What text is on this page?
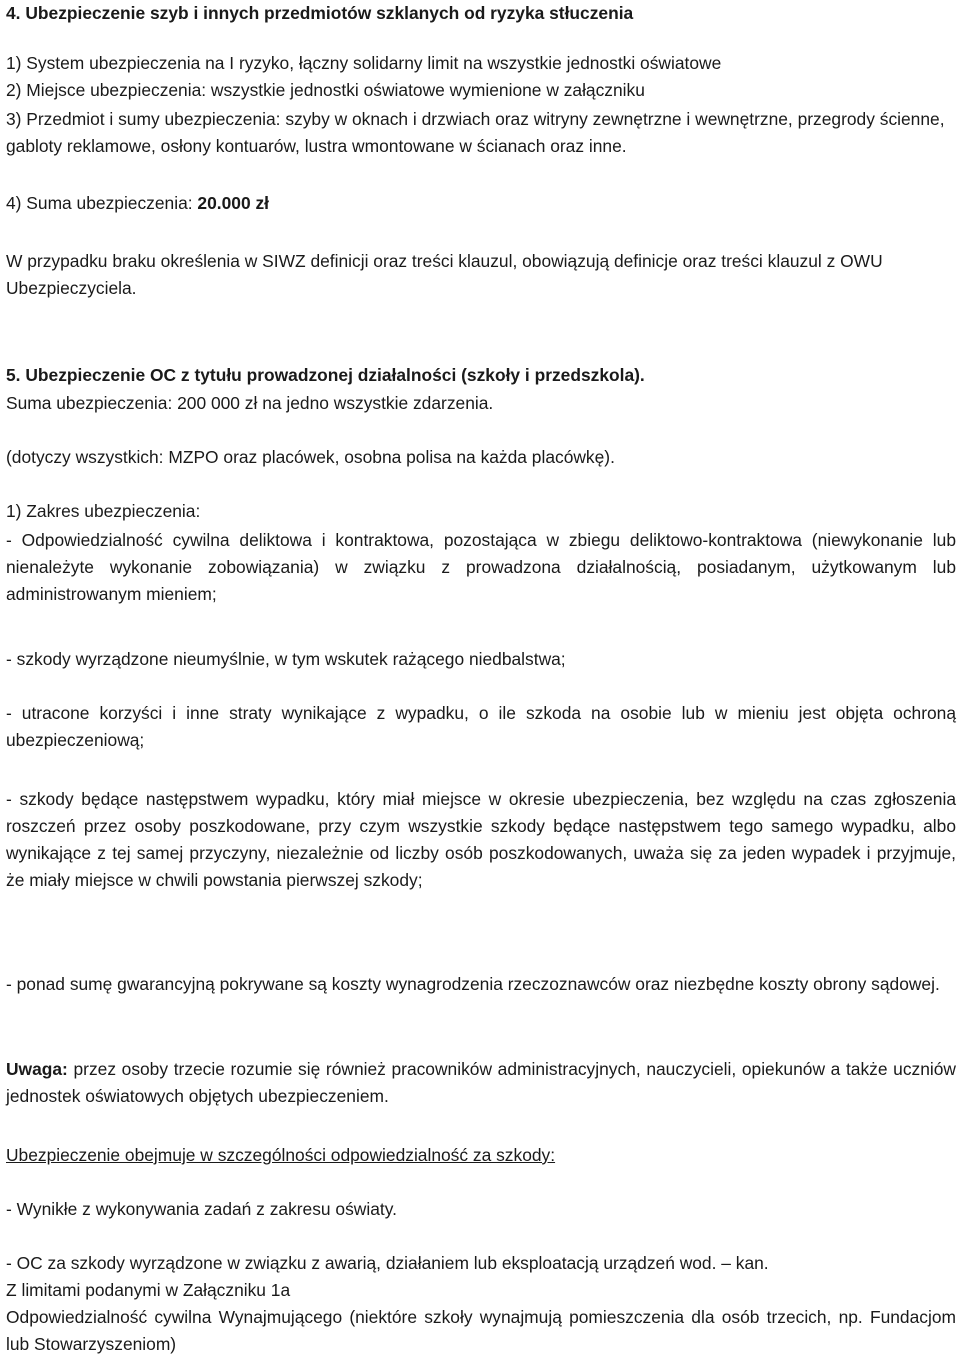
4. Ubezpieczenie szyb i innych przedmiotów szklanych od ryzyka stłuczenia
1) System ubezpieczenia na I ryzyko, łączny solidarny limit na wszystkie jednostki oświatowe
2) Miejsce ubezpieczenia: wszystkie jednostki oświatowe wymienione w załączniku
3) Przedmiot i sumy ubezpieczenia: szyby w oknach i drzwiach oraz witryny zewnętrzne i wewnętrzne, przegrody ścienne, gabloty reklamowe, osłony kontuarów, lustra wmontowane w ścianach oraz inne.
4) Suma ubezpieczenia: 20.000 zł
W przypadku braku określenia w SIWZ definicji oraz treści klauzul, obowiązują definicje oraz treści klauzul z OWU Ubezpieczyciela.
5. Ubezpieczenie OC z tytułu prowadzonej działalności (szkoły i przedszkola).
Suma ubezpieczenia: 200 000 zł na jedno wszystkie zdarzenia.
(dotyczy wszystkich: MZPO oraz placówek, osobna polisa na każda placówkę).
1) Zakres ubezpieczenia:
- Odpowiedzialność cywilna deliktowa i kontraktowa, pozostająca w zbiegu deliktowo-kontraktowa (niewykonanie lub nienależyte wykonanie zobowiązania) w związku z prowadzona działalnością, posiadanym, użytkowanym lub administrowanym mieniem;
- szkody wyrządzone nieumyślnie, w tym wskutek rażącego niedbalstwa;
- utracone korzyści i inne straty wynikające z wypadku, o ile szkoda na osobie lub w mieniu jest objęta ochroną ubezpieczeniową;
- szkody będące następstwem wypadku, który miał miejsce w okresie ubezpieczenia, bez względu na czas zgłoszenia roszczeń przez osoby poszkodowane, przy czym wszystkie szkody będące następstwem tego samego wypadku, albo wynikające z tej samej przyczyny, niezależnie od liczby osób poszkodowanych, uważa się za jeden wypadek i przyjmuje, że miały miejsce w chwili powstania pierwszej szkody;
- ponad sumę gwarancyjną pokrywane są koszty wynagrodzenia rzeczoznawców oraz niezbędne koszty obrony sądowej.
Uwaga: przez osoby trzecie rozumie się również pracowników administracyjnych, nauczycieli, opiekunów a także uczniów jednostek oświatowych objętych ubezpieczeniem.
Ubezpieczenie obejmuje w szczególności odpowiedzialność za szkody:
- Wynikłe z wykonywania zadań z zakresu oświaty.
- OC za szkody wyrządzone w związku z awarią, działaniem lub eksploatacją urządzeń wod. – kan.
Z limitami podanymi w Załączniku 1a
Odpowiedzialność cywilna Wynajmującego (niektóre szkoły wynajmują pomieszczenia dla osób trzecich, np. Fundacjom lub Stowarzyszeniom)
